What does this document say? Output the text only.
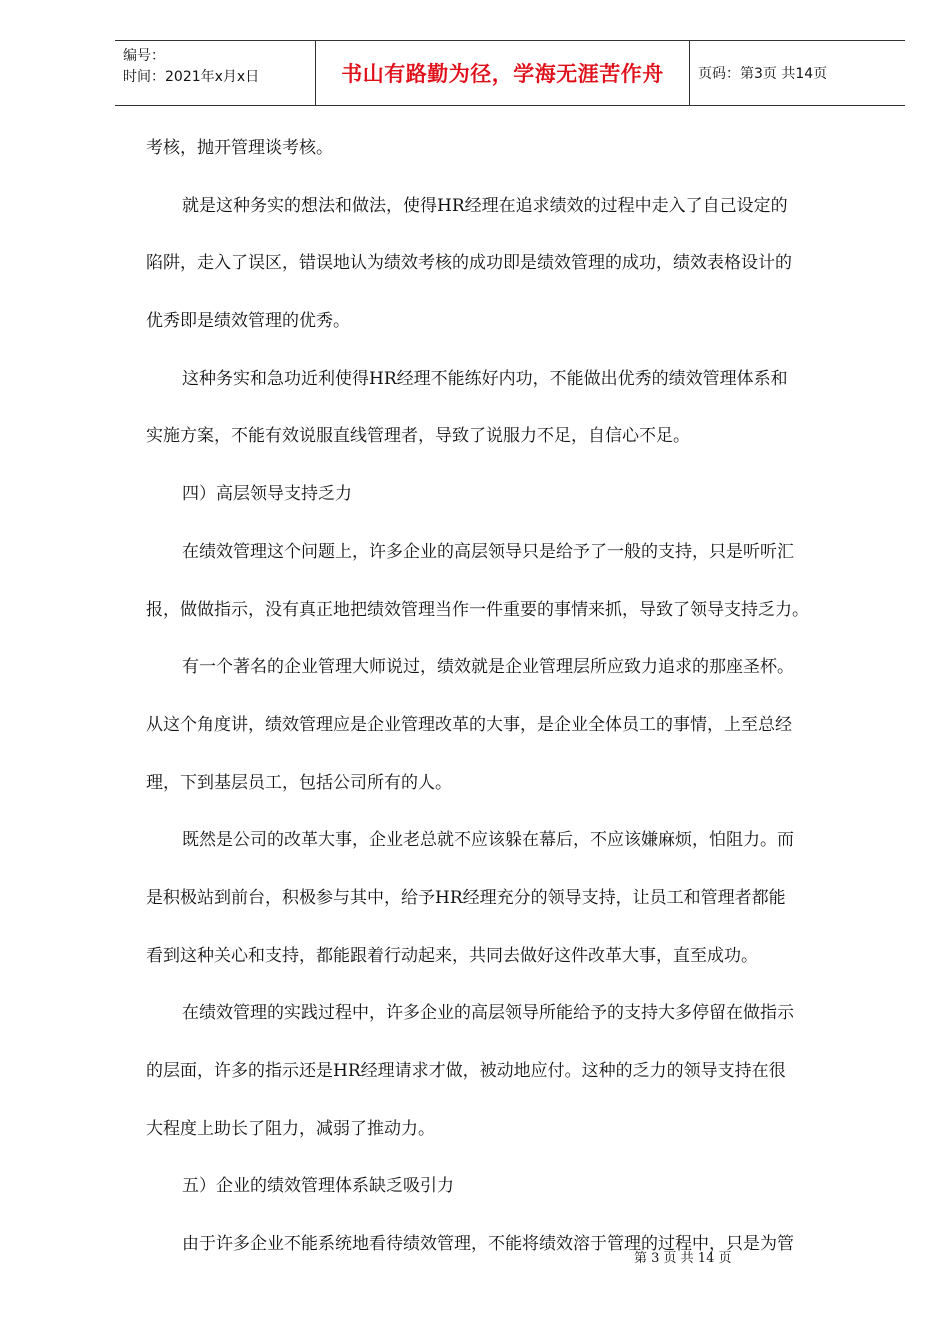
编号：
时间：2021年x月x日	书山有路勤为径，学海无涯苦作舟	页码：第3页 共14页
考核，抛开管理谈考核。
就是这种务实的想法和做法，使得HR经理在追求绩效的过程中走入了自己设定的
陷阱，走入了误区，错误地认为绩效考核的成功即是绩效管理的成功，绩效表格设计的
优秀即是绩效管理的优秀。
这种务实和急功近利使得HR经理不能练好内功，不能做出优秀的绩效管理体系和
实施方案，不能有效说服直线管理者，导致了说服力不足，自信心不足。
四）高层领导支持乏力
在绩效管理这个问题上，许多企业的高层领导只是给予了一般的支持，只是听听汇
报，做做指示，没有真正地把绩效管理当作一件重要的事情来抓，导致了领导支持乏力。
有一个著名的企业管理大师说过，绩效就是企业管理层所应致力追求的那座圣杯。
从这个角度讲，绩效管理应是企业管理改革的大事，是企业全体员工的事情，上至总经
理，下到基层员工，包括公司所有的人。
既然是公司的改革大事，企业老总就不应该躲在幕后，不应该嫌麻烦，怕阻力。而
是积极站到前台，积极参与其中，给予HR经理充分的领导支持，让员工和管理者都能
看到这种关心和支持，都能跟着行动起来，共同去做好这件改革大事，直至成功。
在绩效管理的实践过程中，许多企业的高层领导所能给予的支持大多停留在做指示
的层面，许多的指示还是HR经理请求才做，被动地应付。这种的乏力的领导支持在很
大程度上助长了阻力，减弱了推动力。
五）企业的绩效管理体系缺乏吸引力
由于许多企业不能系统地看待绩效管理，不能将绩效溶于管理的过程中，只是为管
第 3 页 共 14 页
